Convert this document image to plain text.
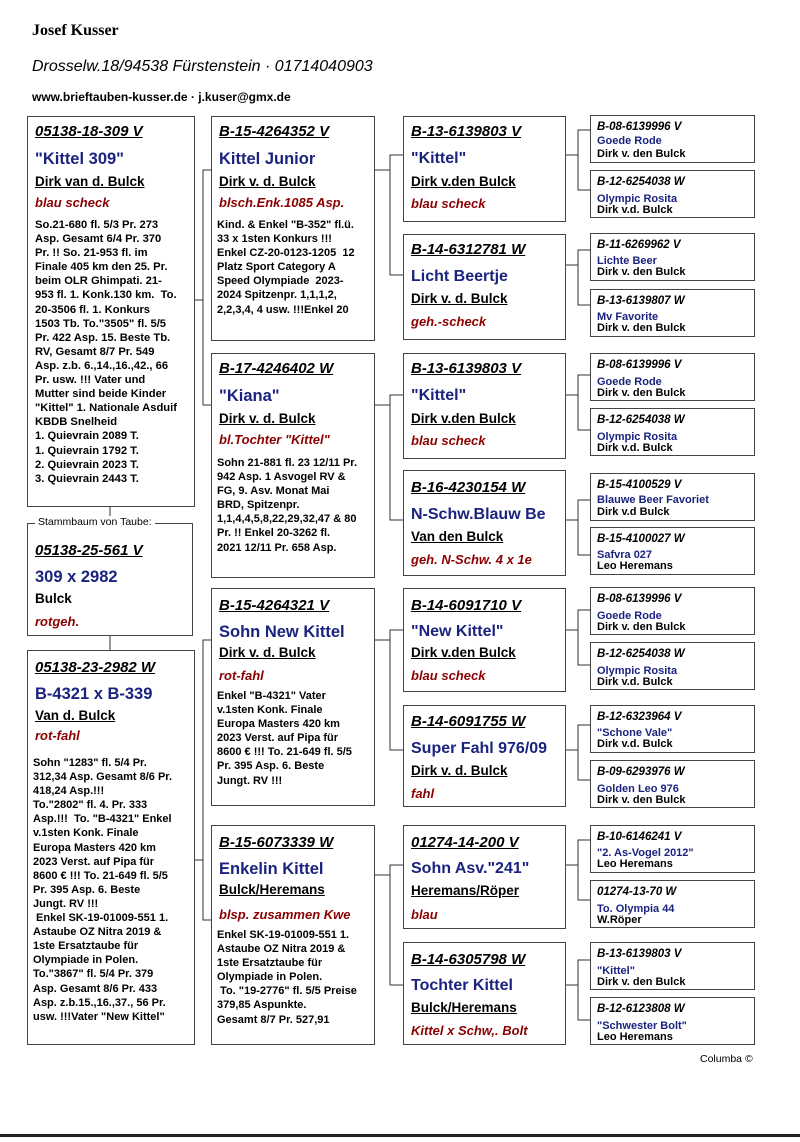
Josef Kusser
Drosselw.18/94538 Fürstenstein · 01714040903
www.brieftauben-kusser.de · j.kuser@gmx.de
05138-18-309 V
"Kittel 309"
Dirk van d. Bulck
blau scheck
So.21-680 fl. 5/3 Pr. 273
Asp. Gesamt 6/4 Pr. 370
Pr. !! So. 21-953 fl. im
Finale 405 km den 25. Pr.
beim OLR Ghimpati. 21-
953 fl. 1. Konk.130 km.  To.
20-3506 fl. 1. Konkurs
1503 Tb. To."3505" fl. 5/5
Pr. 422 Asp. 15. Beste Tb.
RV, Gesamt 8/7 Pr. 549
Asp. z.b. 6.,14.,16.,42., 66
Pr. usw. !!! Vater und
Mutter sind beide Kinder
"Kittel" 1. Nationale Asduif
KBDB Snelheid
1. Quievrain 2089 T.
1. Quievrain 1792 T.
2. Quievrain 2023 T.
3. Quievrain 2443 T.
Stammbaum von Taube:
05138-25-561 V
309 x 2982
Bulck
rotgeh.
05138-23-2982 W
B-4321 x B-339
Van d. Bulck
rot-fahl
Sohn "1283" fl. 5/4 Pr.
312,34 Asp. Gesamt 8/6 Pr.
418,24 Asp.!!!
To."2802" fl. 4. Pr. 333
Asp.!!!  To. "B-4321" Enkel
v.1sten Konk. Finale
Europa Masters 420 km
2023 Verst. auf Pipa für
8600 € !!! To. 21-649 fl. 5/5
Pr. 395 Asp. 6. Beste
Jungt. RV !!!
Enkel SK-19-01009-551 1.
Astaube OZ Nitra 2019 &
1ste Ersatztaube für
Olympiade in Polen.
To."3867" fl. 5/4 Pr. 379
Asp. Gesamt 8/6 Pr. 433
Asp. z.b.15.,16.,37., 56 Pr.
usw. !!!Vater "New Kittel"
B-15-4264352 V
Kittel Junior
Dirk v. d. Bulck
blsch.Enk.1085 Asp.
Kind. & Enkel "B-352" fl.ü.
33 x 1sten Konkurs !!!
Enkel CZ-20-0123-1205  12
Platz Sport Category A
Speed Olympiade  2023-
2024 Spitzenpr. 1,1,1,2,
2,2,3,4, 4 usw. !!!Enkel 20
B-17-4246402 W
"Kiana"
Dirk v. d. Bulck
bl.Tochter "Kittel"
Sohn 21-881 fl. 23 12/11 Pr.
942 Asp. 1 Asvogel RV &
FG, 9. Asv. Monat Mai
BRD, Spitzenpr.
1,1,4,4,5,8,22,29,32,47 & 80
Pr. !! Enkel 20-3262 fl.
2021 12/11 Pr. 658 Asp.
B-15-4264321 V
Sohn New Kittel
Dirk v. d. Bulck
rot-fahl
Enkel "B-4321" Vater
v.1sten Konk. Finale
Europa Masters 420 km
2023 Verst. auf Pipa für
8600 € !!! To. 21-649 fl. 5/5
Pr. 395 Asp. 6. Beste
Jungt. RV !!!
B-15-6073339 W
Enkelin Kittel
Bulck/Heremans
blsp. zusammen Kwe
Enkel SK-19-01009-551 1.
Astaube OZ Nitra 2019 &
1ste Ersatztaube für
Olympiade in Polen.
To. "19-2776" fl. 5/5 Preise
379,85 Aspunkte.
Gesamt 8/7 Pr. 527,91
B-13-6139803 V
"Kittel"
Dirk v.den Bulck
blau scheck
B-14-6312781 W
Licht Beertje
Dirk v. d. Bulck
geh.-scheck
B-13-6139803 V
"Kittel"
Dirk v.den Bulck
blau scheck
B-16-4230154 W
N-Schw.Blauw Be
Van den Bulck
geh. N-Schw. 4 x 1e
B-14-6091710 V
"New Kittel"
Dirk v.den Bulck
blau scheck
B-14-6091755 W
Super Fahl 976/09
Dirk v. d. Bulck
fahl
01274-14-200 V
Sohn Asv."241"
Heremans/Röper
blau
B-14-6305798 W
Tochter Kittel
Bulck/Heremans
Kittel x Schw,. Bolt
B-08-6139996 V
Goede Rode
Dirk v. den Bulck
B-12-6254038 W
Olympic Rosita
Dirk v.d. Bulck
B-11-6269962 V
Lichte Beer
Dirk v. den Bulck
B-13-6139807 W
Mv Favorite
Dirk v. den Bulck
B-08-6139996 V
Goede Rode
Dirk v. den Bulck
B-12-6254038 W
Olympic Rosita
Dirk v.d. Bulck
B-15-4100529 V
Blauwe Beer Favoriet
Dirk v.d Bulck
B-15-4100027 W
Safvra 027
Leo Heremans
B-08-6139996 V
Goede Rode
Dirk v. den Bulck
B-12-6254038 W
Olympic Rosita
Dirk v.d. Bulck
B-12-6323964 V
"Schone Vale"
Dirk v.d. Bulck
B-09-6293976 W
Golden Leo 976
Dirk v. den Bulck
B-10-6146241 V
"2. As-Vogel 2012"
Leo Heremans
01274-13-70 W
To. Olympia 44
W.Röper
B-13-6139803 V
"Kittel"
Dirk v. den Bulck
B-12-6123808 W
"Schwester Bolt"
Leo Heremans
Columba ©
